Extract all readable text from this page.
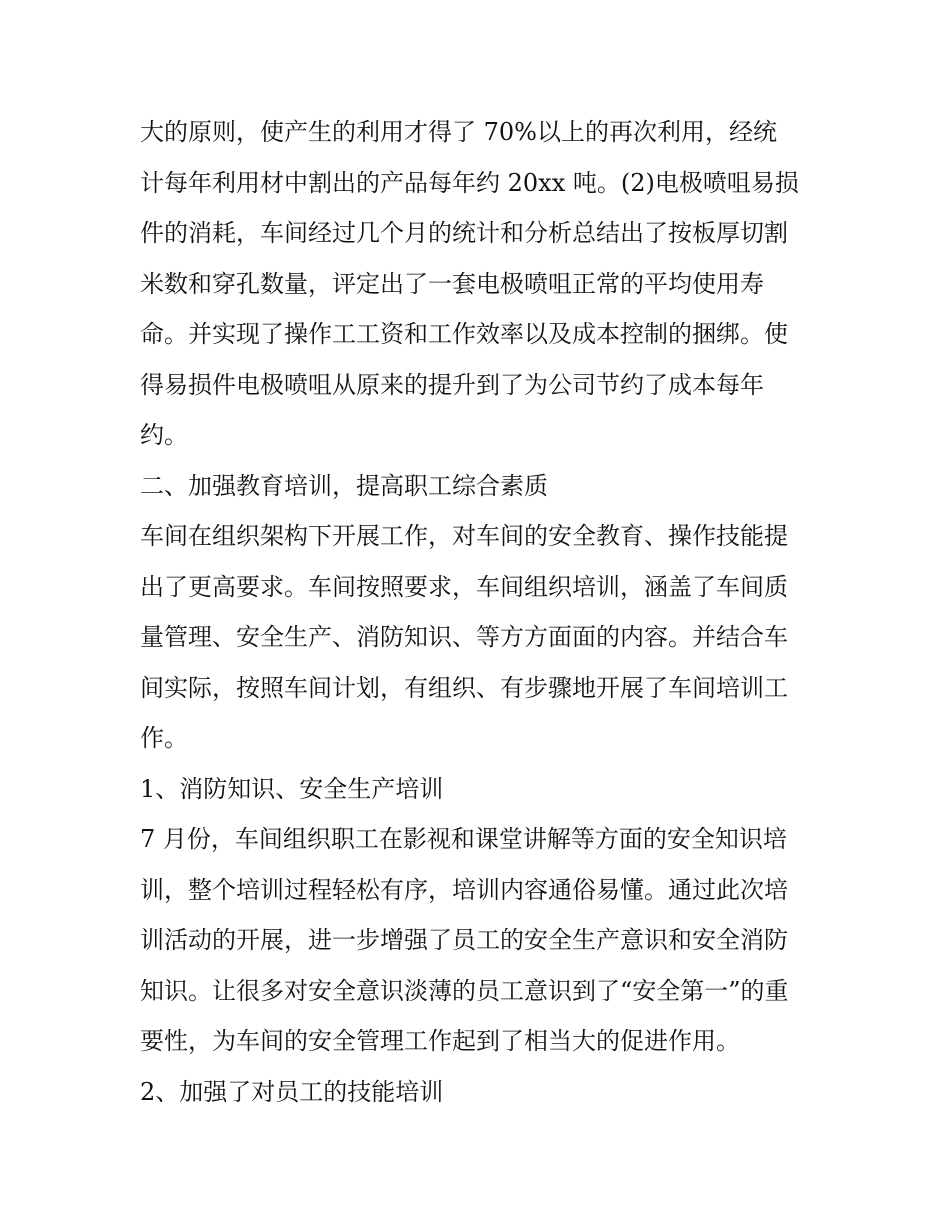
大的原则，使产生的利用才得了 70%以上的再次利用，经统
计每年利用材中割出的产品每年约 20xx 吨。(2)电极喷咀易损
件的消耗，车间经过几个月的统计和分析总结出了按板厚切割
米数和穿孔数量，评定出了一套电极喷咀正常的平均使用寿
命。并实现了操作工工资和工作效率以及成本控制的捆绑。使
得易损件电极喷咀从原来的提升到了为公司节约了成本每年
约。
二、加强教育培训，提高职工综合素质
车间在组织架构下开展工作，对车间的安全教育、操作技能提
出了更高要求。车间按照要求，车间组织培训，涵盖了车间质
量管理、安全生产、消防知识、等方方面面的内容。并结合车
间实际，按照车间计划，有组织、有步骤地开展了车间培训工
作。
1、消防知识、安全生产培训
7 月份，车间组织职工在影视和课堂讲解等方面的安全知识培
训，整个培训过程轻松有序，培训内容通俗易懂。通过此次培
训活动的开展，进一步增强了员工的安全生产意识和安全消防
知识。让很多对安全意识淡薄的员工意识到了“安全第一”的重
要性，为车间的安全管理工作起到了相当大的促进作用。
2、加强了对员工的技能培训
